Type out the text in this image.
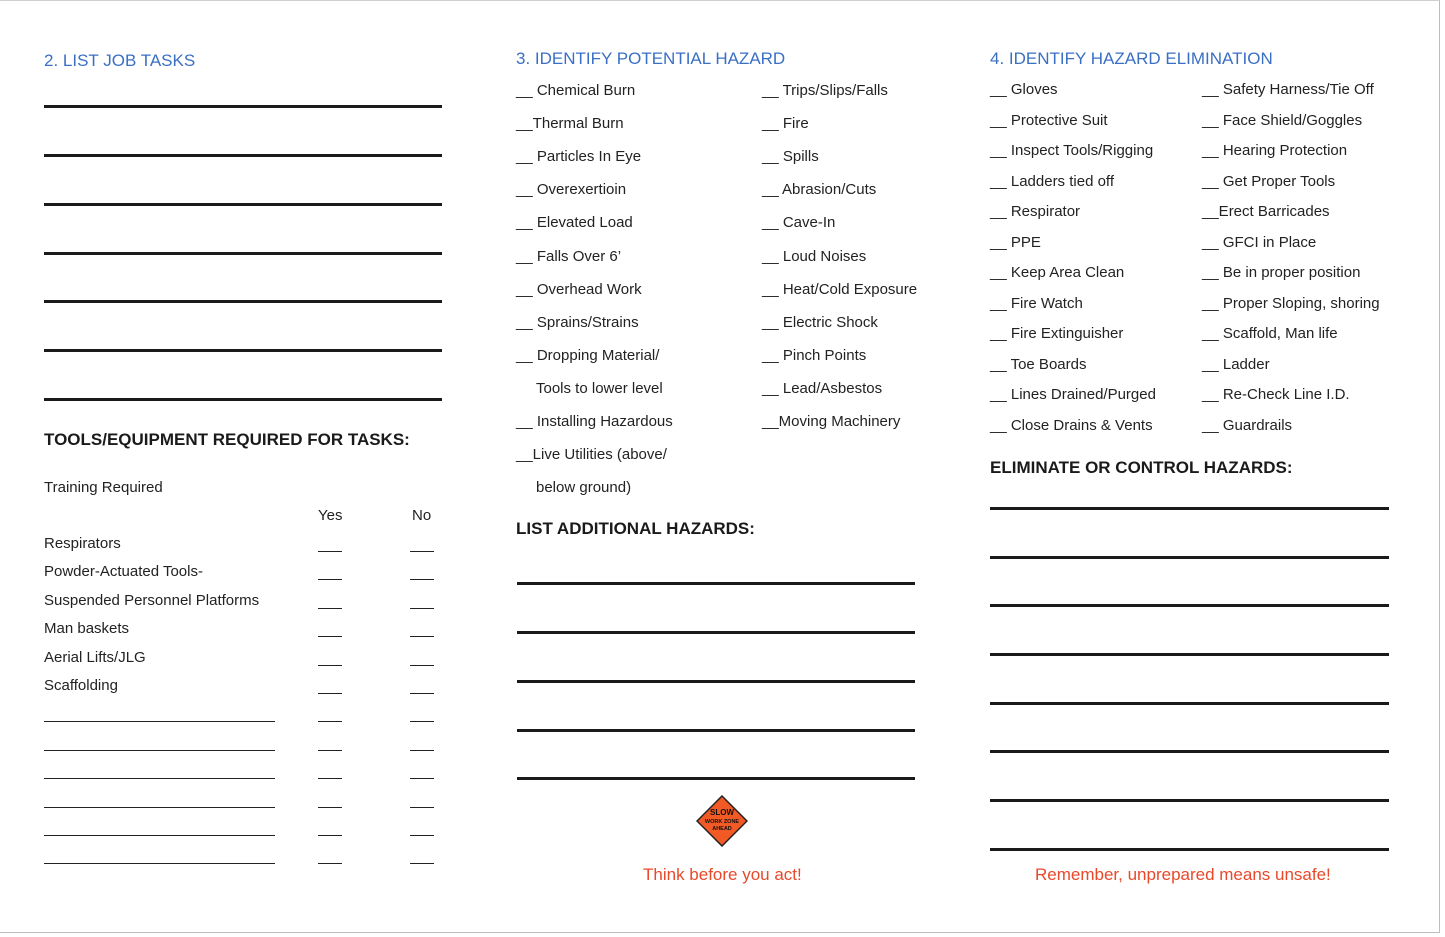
2. LIST JOB TASKS
TOOLS/EQUIPMENT REQUIRED FOR TASKS:
Training Required
Yes	No
Respirators
Powder-Actuated Tools-
Suspended Personnel Platforms
Man baskets
Aerial Lifts/JLG
Scaffolding
3. IDENTIFY POTENTIAL HAZARD
__ Chemical Burn
__Thermal Burn
__ Particles In Eye
__ Overexertioin
__ Elevated Load
__ Falls Over 6’
__ Overhead Work
__ Sprains/Strains
__ Dropping Material/
Tools to lower level
__ Installing Hazardous
__Live Utilities (above/
below ground)
__ Trips/Slips/Falls
__ Fire
__ Spills
__ Abrasion/Cuts
__ Cave-In
__ Loud Noises
__ Heat/Cold Exposure
__ Electric Shock
__ Pinch Points
__ Lead/Asbestos
__Moving Machinery
LIST ADDITIONAL HAZARDS:
SLOW
WORK ZONE
AHEAD
Think before you act!
4. IDENTIFY HAZARD ELIMINATION
__ Gloves
__ Protective Suit
__ Inspect Tools/Rigging
__ Ladders tied off
__ Respirator
__ PPE
__ Keep Area Clean
__ Fire Watch
__ Fire Extinguisher
__ Toe Boards
__ Lines Drained/Purged
__ Close Drains & Vents
__ Safety Harness/Tie Off
__ Face Shield/Goggles
__ Hearing Protection
__ Get Proper Tools
__Erect Barricades
__ GFCI in Place
__ Be in proper position
__ Proper Sloping, shoring
__ Scaffold, Man life
__ Ladder
__ Re-Check Line I.D.
__ Guardrails
ELIMINATE OR CONTROL HAZARDS:
Remember, unprepared means unsafe!
